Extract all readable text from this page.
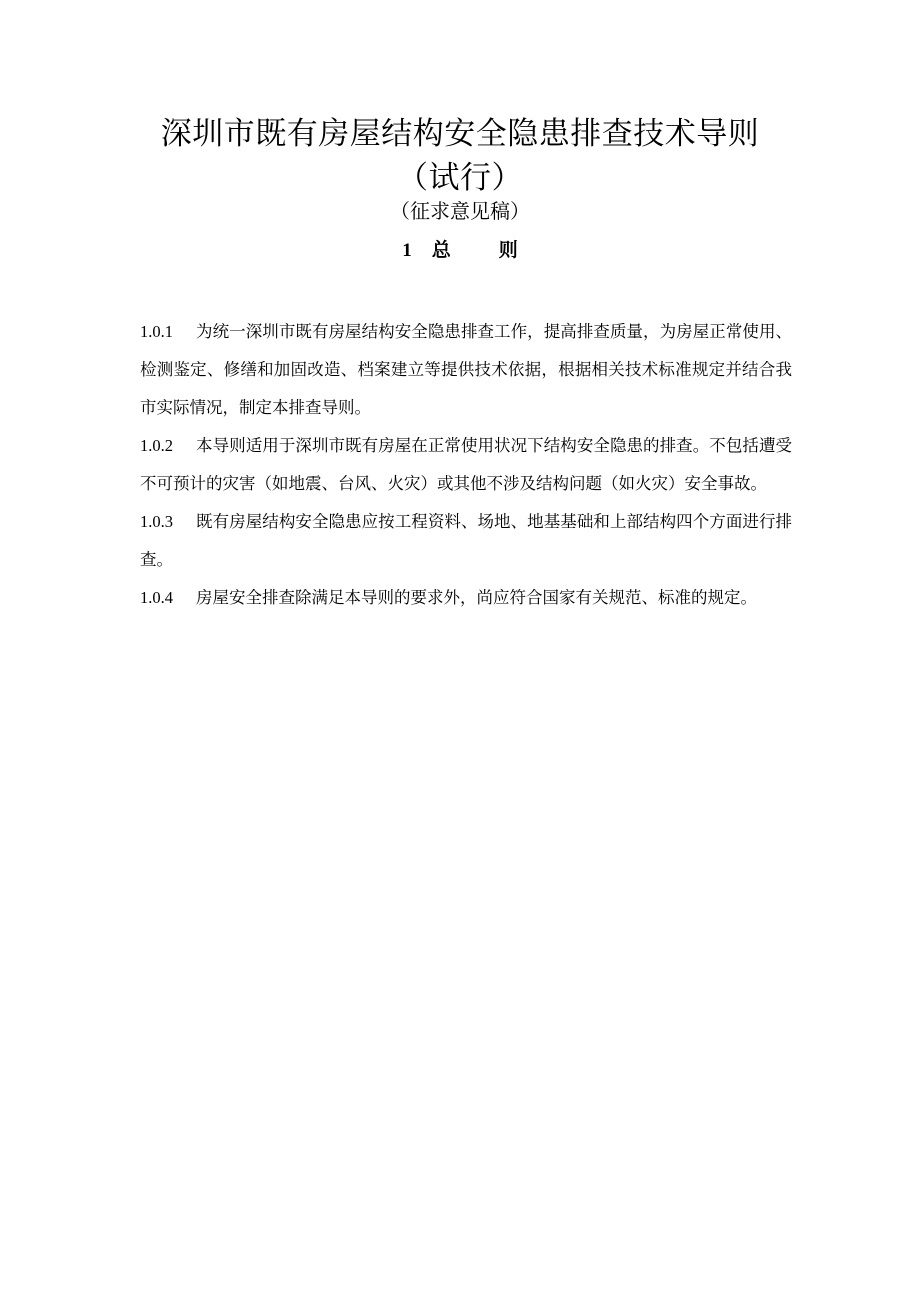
深圳市既有房屋结构安全隐患排查技术导则（试行）
（征求意见稿）
1 总	则

1.0.1 为统一深圳市既有房屋结构安全隐患排查工作，提高排查质量，为房屋正常使用、检测鉴定、修缮和加固改造、档案建立等提供技术依据，根据相关技术标准规定并结合我市实际情况，制定本排查导则。

1.0.2 本导则适用于深圳市既有房屋在正常使用状况下结构安全隐患的排查。不包括遭受不可预计的灾害（如地震、台风、火灾）或其他不涉及结构问题（如火灾）安全事故。

1.0.3 既有房屋结构安全隐患应按工程资料、场地、地基基础和上部结构四个方面进行排查。

1.0.4 房屋安全排查除满足本导则的要求外，尚应符合国家有关规范、标准的规定。
